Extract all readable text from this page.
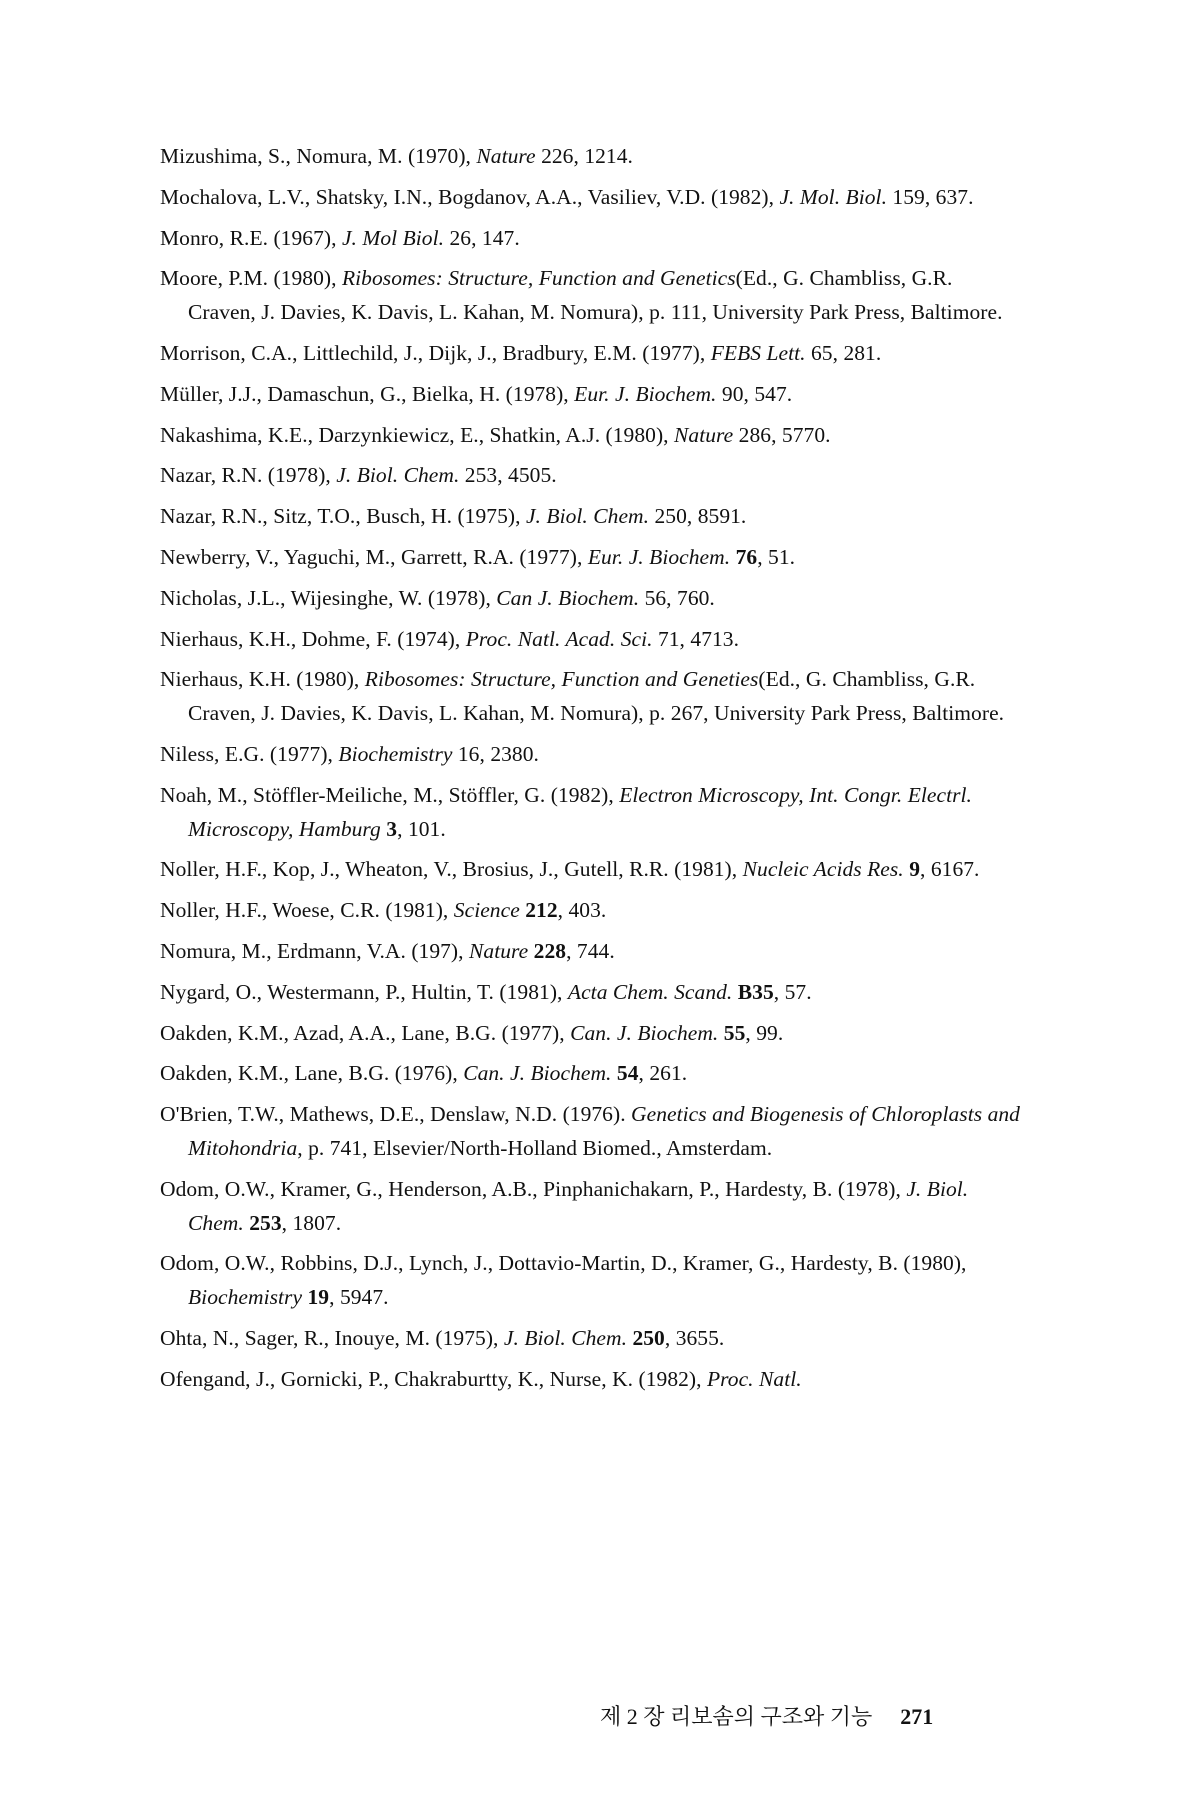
Mizushima, S., Nomura, M. (1970), Nature 226, 1214.

Mochalova, L.V., Shatsky, I.N., Bogdanov, A.A., Vasiliev, V.D. (1982), J. Mol. Biol. 159, 637.

Monro, R.E. (1967), J. Mol Biol. 26, 147.

Moore, P.M. (1980), Ribosomes: Structure, Function and Genetics(Ed., G. Chambliss, G.R. Craven, J. Davies, K. Davis, L. Kahan, M. Nomura), p. 111, University Park Press, Baltimore.

Morrison, C.A., Littlechild, J., Dijk, J., Bradbury, E.M. (1977), FEBS Lett. 65, 281.

Müller, J.J., Damaschun, G., Bielka, H. (1978), Eur. J. Biochem. 90, 547.

Nakashima, K.E., Darzynkiewicz, E., Shatkin, A.J. (1980), Nature 286, 5770.

Nazar, R.N. (1978), J. Biol. Chem. 253, 4505.

Nazar, R.N., Sitz, T.O., Busch, H. (1975), J. Biol. Chem. 250, 8591.

Newberry, V., Yaguchi, M., Garrett, R.A. (1977), Eur. J. Biochem. 76, 51.

Nicholas, J.L., Wijesinghe, W. (1978), Can J. Biochem. 56, 760.

Nierhaus, K.H., Dohme, F. (1974), Proc. Natl. Acad. Sci. 71, 4713.

Nierhaus, K.H. (1980), Ribosomes: Structure, Function and Geneties(Ed., G. Chambliss, G.R. Craven, J. Davies, K. Davis, L. Kahan, M. Nomura), p. 267, University Park Press, Baltimore.

Niless, E.G. (1977), Biochemistry 16, 2380.

Noah, M., Stöffler-Meiliche, M., Stöffler, G. (1982), Electron Microscopy, Int. Congr. Electrl. Microscopy, Hamburg 3, 101.

Noller, H.F., Kop, J., Wheaton, V., Brosius, J., Gutell, R.R. (1981), Nucleic Acids Res. 9, 6167.

Noller, H.F., Woese, C.R. (1981), Science 212, 403.

Nomura, M., Erdmann, V.A. (197), Nature 228, 744.

Nygard, O., Westermann, P., Hultin, T. (1981), Acta Chem. Scand. B35, 57.

Oakden, K.M., Azad, A.A., Lane, B.G. (1977), Can. J. Biochem. 55, 99.

Oakden, K.M., Lane, B.G. (1976), Can. J. Biochem. 54, 261.

O'Brien, T.W., Mathews, D.E., Denslaw, N.D. (1976). Genetics and Biogenesis of Chloroplasts and Mitohondria, p. 741, Elsevier/North-Holland Biomed., Amsterdam.

Odom, O.W., Kramer, G., Henderson, A.B., Pinphanichakarn, P., Hardesty, B. (1978), J. Biol. Chem. 253, 1807.

Odom, O.W., Robbins, D.J., Lynch, J., Dottavio-Martin, D., Kramer, G., Hardesty, B. (1980), Biochemistry 19, 5947.

Ohta, N., Sager, R., Inouye, M. (1975), J. Biol. Chem. 250, 3655.

Ofengand, J., Gornicki, P., Chakraburtty, K., Nurse, K. (1982), Proc. Natl.

제 2 장 리보솜의 구조와 기능 271
